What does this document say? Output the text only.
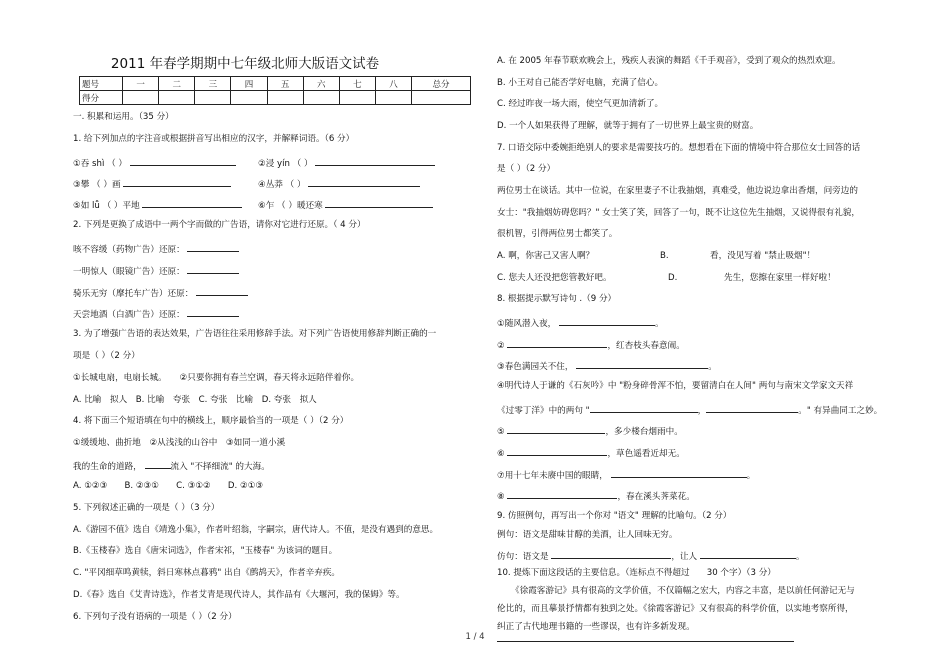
2011 年春学期期中七年级北师大版语文试卷
题号	一	二	三	四	五	六	七	八	总分
得分									
一. 积累和运用。（35 分）
1. 给下列加点的字注音或根据拼音写出相应的汉字，并解释词语。（6 分）
①吞 shì （ ）	②浸 yín （ ）
③攀 （ ）画	④丛莽 （ ）
⑤如 lǚ （ ）平地	⑥乍 （ ）暖还寒
2. 下列是更换了成语中一两个字而做的广告语，请你对它进行还原。（ 4 分）
咳不容缓（药物广告）还原：
一明惊人（眼镜广告）还原：
骑乐无穷（摩托车广告）还原：
天尝地酒（白酒广告）还原：
3. 为了增强广告语的表达效果，广告语往往采用修辞手法。对下列广告语使用修辞判断正确的一
项是（ ）（2 分）
①长城电扇，电扇长城。　　②只要你拥有春兰空调，春天将永远陪伴着你。
A. 比喻　拟人　B. 比喻　夸张　C. 夸张　比喻　D. 夸张　拟人
4. 将下面三个短语填在句中的横线上，顺序最恰当的一项是（ ）（2 分）
①缓缓地、曲折地　②从浅浅的山谷中　③如同一道小溪
我的生命的道路，	流入 "不择细流" 的大海。
A. ①②③　　B. ②③①　　C. ③①②　　D. ②①③
5. 下列叙述正确的一项是（ ）（3 分）
A.《游园不值》选自《靖逸小集》，作者叶绍翁，字嗣宗，唐代诗人。不值，是没有遇到的意思。
B.《玉楼春》选自《唐宋词选》，作者宋祁，"玉楼春" 为该词的题目。
C. "平冈细草鸣黄犊，斜日寒林点暮鸦" 出自《鹧鸪天》，作者辛弃疾。
D.《春》选自《艾青诗选》，作者艾青是现代诗人，其作品有《大堰河，我的保姆》等。
6. 下列句子没有语病的一项是（ ）（2 分）
A. 在 2005 年春节联欢晚会上，残疾人表演的舞蹈《千手观音》，受到了观众的热烈欢迎。
B. 小王对自己能否学好电脑，充满了信心。
C. 经过昨夜一场大雨，使空气更加清新了。
D. 一个人如果获得了理解，就等于拥有了一切世界上最宝贵的财富。
7. 口语交际中委婉拒绝别人的要求是需要技巧的。想想看在下面的情境中符合那位女士回答的话
是（ ）（2 分）
两位男士在谈话。其中一位说，在家里妻子不让我抽烟，真难受，他边说边拿出香烟，问旁边的
女士："我抽烟妨碍您吗？" 女士笑了笑，回答了一句，既不让这位先生抽烟，又说得很有礼貌，
很机智，引得两位男士都笑了。
A. 啊，你害己又害人啊？	B.	看，没见写着 "禁止吸烟"！
C. 您夫人还没把您管教好吧。	D.	先生，您擦在家里一样好啦！
8. 根据提示默写诗句 .（9 分）
①随风潜入夜，	。
②	，红杏枝头春意闹。
③春色满园关不住，	。
④明代诗人于谦的《石灰吟》中 "粉身碎骨浑不怕，要留清白在人间" 两句与南宋文学家文天祥
《过零丁洋》中的两句 "	，	。" 有异曲同工之妙。
⑤	，多少楼台烟雨中。
⑥	，草色遥看近却无。
⑦用十七年未赓中国的眼睛，	。
⑧	，春在溪头荠菜花。
9. 仿照例句，再写出一个你对 "语文" 理解的比喻句。（2 分）
例句：语文是甜味甘醇的美酒，让人回味无穷。
仿句：语文是	，让人	。
10. 提炼下面这段话的主要信息。（连标点不得超过　　30 个字）（3 分）
《徐霞客游记》具有很高的文学价值，不仅篇幅之宏大，内容之丰富，是以前任何游记无与
伦比的，而且摹景抒情都有独到之处。《徐霞客游记》又有很高的科学价值，以实地考察所得，
纠正了古代地理书籍的一些谬误，也有许多新发现。
1 / 4
